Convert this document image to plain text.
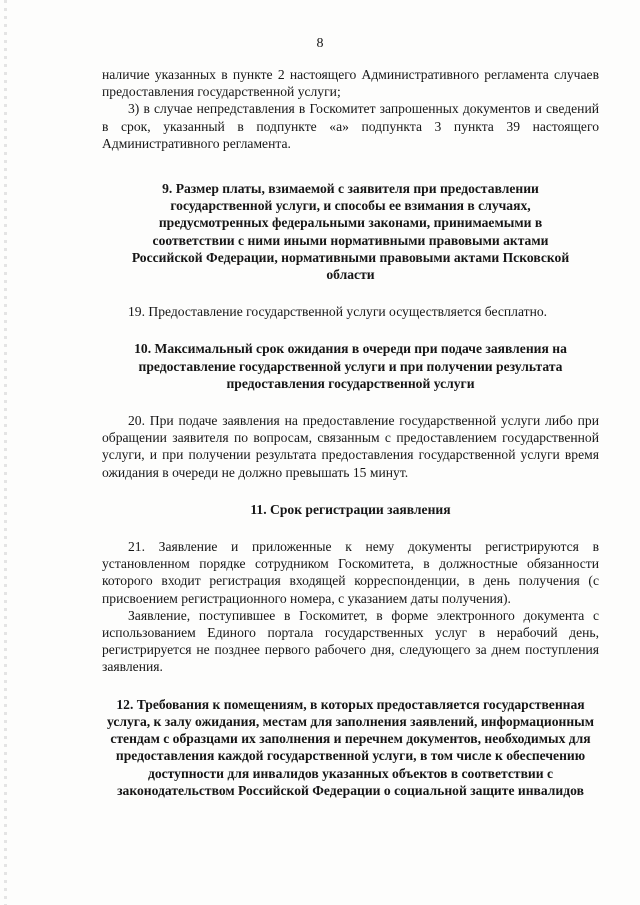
8

наличие указанных в пункте 2 настоящего Административного регламента случаев предоставления государственной услуги;

3) в случае непредставления в Госкомитет запрошенных документов и сведений в срок, указанный в подпункте «а» подпункта 3 пункта 39 настоящего Административного регламента.

9. Размер платы, взимаемой с заявителя при предоставлении государственной услуги, и способы ее взимания в случаях, предусмотренных федеральными законами, принимаемыми в соответствии с ними иными нормативными правовыми актами Российской Федерации, нормативными правовыми актами Псковской области

19. Предоставление государственной услуги осуществляется бесплатно.

10. Максимальный срок ожидания в очереди при подаче заявления на предоставление государственной услуги и при получении результата предоставления государственной услуги

20. При подаче заявления на предоставление государственной услуги либо при обращении заявителя по вопросам, связанным с предоставлением государственной услуги, и при получении результата предоставления государственной услуги время ожидания в очереди не должно превышать 15 минут.

11. Срок регистрации заявления

21. Заявление и приложенные к нему документы регистрируются в установленном порядке сотрудником Госкомитета, в должностные обязанности которого входит регистрация входящей корреспонденции, в день получения (с присвоением регистрационного номера, с указанием даты получения).

Заявление, поступившее в Госкомитет, в форме электронного документа с использованием Единого портала государственных услуг в нерабочий день, регистрируется не позднее первого рабочего дня, следующего за днем поступления заявления.

12. Требования к помещениям, в которых предоставляется государственная услуга, к залу ожидания, местам для заполнения заявлений, информационным стендам с образцами их заполнения и перечнем документов, необходимых для предоставления каждой государственной услуги, в том числе к обеспечению доступности для инвалидов указанных объектов в соответствии с законодательством Российской Федерации о социальной защите инвалидов
